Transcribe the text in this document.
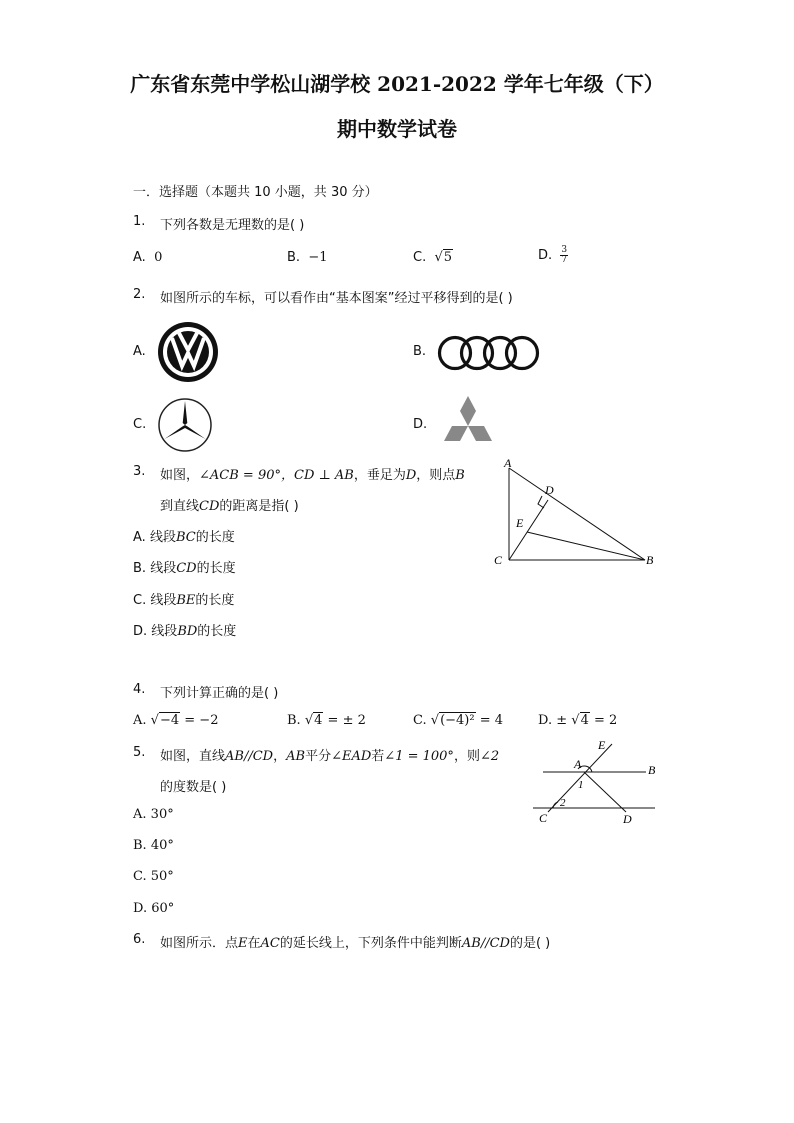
广东省东莞中学松山湖学校 2021-2022 学年七年级（下）
期中数学试卷
一．选择题（本题共 10 小题，共 30 分）
1. 下列各数是无理数的是( )
A. 0	B. −1	C. √5	D. $\frac{3}{7}$
2. 如图所示的车标，可以看作由“基本图案”经过平移得到的是( )
A.	B.
C.	D.
3. 如图，∠ACB = 90°，CD ⊥ AB，垂足为D，则点B
到直线CD的距离是指( )
A. 线段BC的长度
B. 线段CD的长度
C. 线段BE的长度
D. 线段BD的长度
A
B
C
D
E
4. 下列计算正确的是( )
A. √−4 = −2	B. √4 = ± 2	C. √(−4)² = 4	D. ± √4 = 2
5. 如图，直线AB//CD，AB平分∠EAD若∠1 = 100°，则∠2
的度数是( )
A. 30°
B. 40°
C. 50°
D. 60°
E
A	B
1
2
C	D
6. 如图所示．点E在AC的延长线上，下列条件中能判断AB//CD的是( )
